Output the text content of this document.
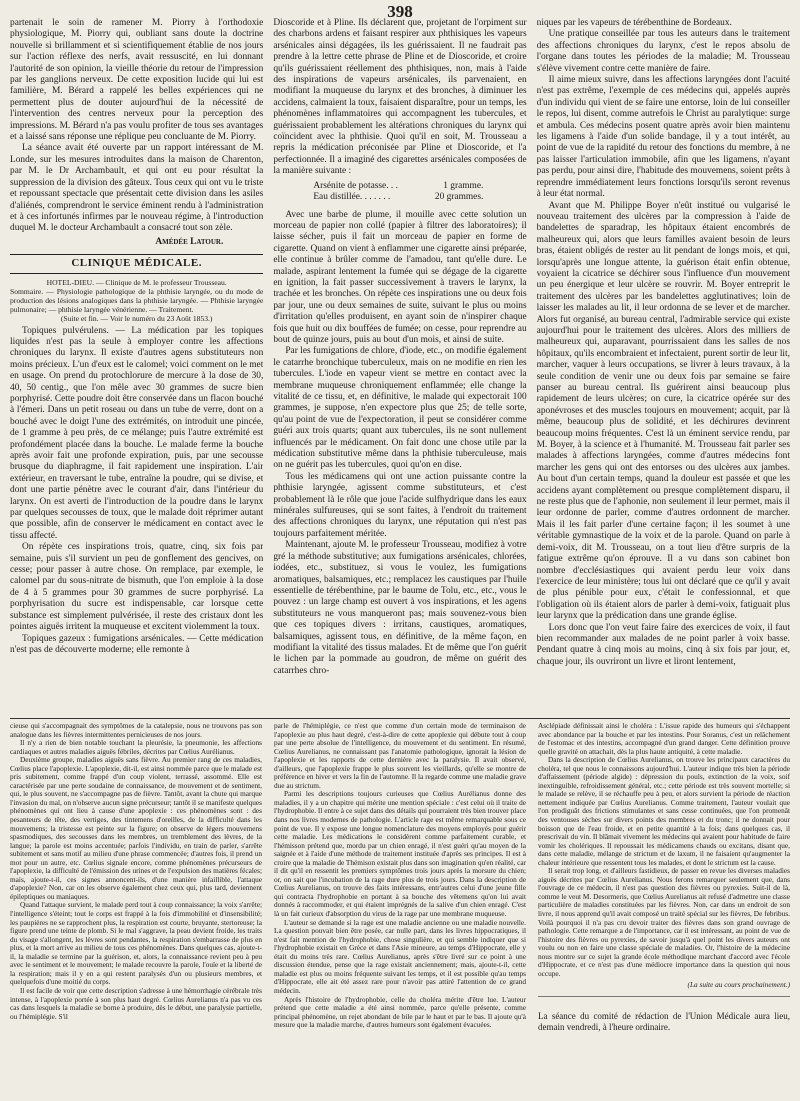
398

partenait le soin de ramener M. Piorry à l'orthodoxie physiologique, M. Piorry qui, oubliant sans doute la doctrine nouvelle si brillamment et si scientifiquement établie de nos jours sur l'action réflexe des nerfs, avait ressuscité, en lui donnant l'autorité de son opinion, la vieille théorie du retour de l'impression par les ganglions nerveux. De cette exposition lucide qui lui est familière, M. Bérard a rappelé les belles expériences qui ne permettent plus de douter aujourd'hui de la nécessité de l'intervention des centres nerveux pour la perception des impressions. M. Bérard n'a pas voulu profiter de tous ses avantages et a laissé sans réponse une réplique peu concluante de M. Piorry.

La séance avait été ouverte par un rapport intéressant de M. Londe, sur les mesures introduites dans la maison de Charenton, par M. le Dr Archambault, et qui ont eu pour résultat la suppression de la division des gâteux. Tous ceux qui ont vu le triste et repoussant spectacle que présentait cette division dans les asiles d'aliénés, comprendront le service éminent rendu à l'administration et à ces infortunés infirmes par le nouveau régime, à l'introduction duquel M. le docteur Archambault a consacré tout son zèle.

Amédée Latour.
CLINIQUE MÉDICALE.

HOTEL-DIEU. — Clinique de M. le professeur Trousseau.

Sommaire. — Physiologie pathologique de la phthisie laryngée, ou du mode de production des lésions analogiques dans la phthisie laryngée. — Phthisie laryngée pulmonaire; — phthisie laryngée vénérienne. — Traitement.

(Suite et fin. — Voir le numéro du 23 Août 1853.)

Topiques pulvérulens. — La médication par les topiques liquides n'est pas la seule à employer contre les affections chroniques du larynx. Il existe d'autres agens substituteurs non moins précieux. L'un d'eux est le calomel; voici comment on le met en usage. On prend du protochlorure de mercure à la dose de 30, 40, 50 centig., que l'on mêle avec 30 grammes de sucre bien porphyrisé. Cette poudre doit être conservée dans un flacon bouché à l'émeri. Dans un petit roseau ou dans un tube de verre, dont on a bouché avec le doigt l'une des extrémités, on introduit une pincée, de 1 gramme à peu près, de ce mélange; puis l'autre extrémité est profondément placée dans la bouche. Le malade ferme la bouche après avoir fait une profonde expiration, puis, par une secousse brusque du diaphragme, il fait rapidement une inspiration. L'air extérieur, en traversant le tube, entraîne la poudre, qui se divise, et dont une partie pénètre avec le courant d'air, dans l'intérieur du larynx. On est averti de l'introduction de la poudre dans le larynx par quelques secousses de toux, que le malade doit réprimer autant que possible, afin de conserver le médicament en contact avec le tissu affecté.

On répète ces inspirations trois, quatre, cinq, six fois par semaine, puis s'il survient un peu de gonflement des gencives, on cesse; pour passer à autre chose. On remplace, par exemple, le calomel par du sous-nitrate de bismuth, que l'on emploie à la dose de 4 à 5 grammes pour 30 grammes de sucre porphyrisé. La porphyrisation du sucre est indispensable, car lorsque cette substance est simplement pulvérisée, il reste des cristaux dont les pointes aiguës irritent la muqueuse et excitent violemment la toux.

Topiques gazeux : fumigations arsénicales. — Cette médication n'est pas de découverte moderne; elle remonte à

Dioscoride et à Pline. Ils déclarent que, projetant de l'orpiment sur des charbons ardens et faisant respirer aux phthisiques les vapeurs arsénicales ainsi dégagées, ils les guérissaient. Il ne faudrait pas prendre à la lettre cette phrase de Pline et de Dioscoride, et croire qu'ils guérissaient réellement des phthisiques, non, mais à l'aide des inspirations de vapeurs arsénicales, ils parvenaient, en modifiant la muqueuse du larynx et des bronches, à diminuer les accidens, calmaient la toux, faisaient disparaître, pour un temps, les phénomènes inflammatoires qui accompagnent les tubercules, et guérissaient probablement les altérations chroniques du larynx qui coïncident avec la phthisie. Quoi qu'il en soit, M. Trousseau a repris la médication préconisée par Pline et Dioscoride, et l'a perfectionnée. Il a imaginé des cigarettes arsénicales composées de la manière suivante :

Arsénite de potasse. . .	1 gramme.
Eau distillée. . . . . . .	20 grammes.

Avec une barbe de plume, il mouille avec cette solution un morceau de papier non collé (papier à filtrer des laboratoires); il laisse sécher, puis il fait un morceau de papier en forme de cigarette. Quand on vient à enflammer une cigarette ainsi préparée, elle continue à brûler comme de l'amadou, tant qu'elle dure. Le malade, aspirant lentement la fumée qui se dégage de la cigarette en ignition, la fait passer successivement à travers le larynx, la trachée et les bronches. On répète ces inspirations une ou deux fois par jour, une ou deux semaines de suite, suivant le plus ou moins d'irritation qu'elles produisent, en ayant soin de n'inspirer chaque fois que huit ou dix bouffées de fumée; on cesse, pour reprendre au bout de quinze jours, puis au bout d'un mois, et ainsi de suite.

Par les fumigations de chlore, d'iode, etc., on modifie également le catarrhe bronchique tuberculeux, mais on ne modifie en rien les tubercules. L'iode en vapeur vient se mettre en contact avec la membrane muqueuse chroniquement enflammée; elle change la vitalité de ce tissu, et, en définitive, le malade qui expectorait 100 grammes, je suppose, n'en expectore plus que 25; de telle sorte, qu'au point de vue de l'expectoration, il peut se considérer comme guéri aux trois quarts; quant aux tubercules, ils ne sont nullement influencés par le médicament. On fait donc une chose utile par la médication substitutive même dans la phthisie tuberculeuse, mais on ne guérit pas les tubercules, quoi qu'on en dise.

Tous les médicamens qui ont une action puissante contre la phthisie laryngée, agissent comme substituteurs, et c'est probablement là le rôle que joue l'acide sulfhydrique dans les eaux minérales sulfureuses, qui se sont faites, à l'endroit du traitement des affections chroniques du larynx, une réputation qui n'est pas toujours parfaitement méritée.

Maintenant, ajoute M. le professeur Trousseau, modifiez à votre gré la méthode substitutive; aux fumigations arsénicales, chlorées, iodées, etc., substituez, si vous le voulez, les fumigations aromatiques, balsamiques, etc.; remplacez les caustiques par l'huile essentielle de térébenthine, par le baume de Tolu, etc., etc., vous le pouvez : un large champ est ouvert à vos inspirations, et les agens substituteurs ne vous manqueront pas; mais souvenez-vous bien que ces topiques divers : irritans, caustiques, aromatiques, balsamiques, agissent tous, en définitive, de la même façon, en modifiant la vitalité des tissus malades. Et de même que l'on guérit le lichen par la pommade au goudron, de même on guérit des catarrhes chro-

niques par les vapeurs de térébenthine de Bordeaux.

Une pratique conseillée par tous les auteurs dans le traitement des affections chroniques du larynx, c'est le repos absolu de l'organe dans toutes les périodes de la maladie; M. Trousseau s'élève vivement contre cette manière de faire.

Il aime mieux suivre, dans les affections laryngées dont l'acuité n'est pas extrême, l'exemple de ces médecins qui, appelés auprès d'un individu qui vient de se faire une entorse, loin de lui conseiller le repos, lui disent, comme autrefois le Christ au paralytique: surge et ambula. Ces médecins posent quatre après avoir bien maintenu les ligamens à l'aide d'un solide bandage, il y a tout intérêt, au point de vue de la rapidité du retour des fonctions du membre, à ne pas laisser l'articulation immobile, afin que les ligamens, n'ayant pas perdu, pour ainsi dire, l'habitude des mouvemens, soient prêts à reprendre immédiatement leurs fonctions lorsqu'ils seront revenus à leur état normal.

Avant que M. Philippe Boyer n'eût institué ou vulgarisé le nouveau traitement des ulcères par la compression à l'aide de bandelettes de sparadrap, les hôpitaux étaient encombrés de malheureux qui, alors que leurs familles avaient besoin de leurs bras, étaient obligés de rester au lit pendant de longs mois, et qui, lorsqu'après une longue attente, la guérison était enfin obtenue, voyaient la cicatrice se déchirer sous l'influence d'un mouvement un peu énergique et leur ulcère se rouvrir. M. Boyer entreprit le traitement des ulcères par les bandelettes agglutinatives; loin de laisser les malades au lit, il leur ordonna de se lever et de marcher. Alors fut organisé, au bureau central, l'admirable service qui existe aujourd'hui pour le traitement des ulcères. Alors des milliers de malheureux qui, auparavant, pourrissaient dans les salles de nos hôpitaux, qu'ils encombraient et infectaient, purent sortir de leur lit, marcher, vaquer à leurs occupations, se livrer à leurs travaux, à la seule condition de venir une ou deux fois par semaine se faire panser au bureau central. Ils guérirent ainsi beaucoup plus rapidement de leurs ulcères; on cure, la cicatrice opérée sur des aponévroses et des muscles toujours en mouvement; acquit, par là même, beaucoup plus de solidité, et les déchirures devinrent beaucoup moins fréquentes. C'est là un éminent service rendu, par M. Boyer, à la science et à l'humanité. M. Trousseau fait parler ses malades à affections laryngées, comme d'autres médecins font marcher les gens qui ont des entorses ou des ulcères aux jambes. Au bout d'un certain temps, quand la douleur est passée et que les accidens ayant complètement ou presque complètement disparu, il ne reste plus que de l'aphonie, non seulement il leur permet, mais il leur ordonne de parler, comme d'autres ordonnent de marcher. Mais il les fait parler d'une certaine façon; il les soumet à une véritable gymnastique de la voix et de la parole. Quand on parle à demi-voix, dit M. Trousseau, on a tout lieu d'être surpris de la fatigue extrême qu'on éprouve. Il a vu dans son cabinet bon nombre d'ecclésiastiques qui avaient perdu leur voix dans l'exercice de leur ministère; tous lui ont déclaré que ce qu'il y avait de plus pénible pour eux, c'était le confessionnal, et que l'obligation où ils étaient alors de parler à demi-voix, fatiguait plus leur larynx que la prédication dans une grande église.

Lors donc que l'on veut faire faire des exercices de voix, il faut bien recommander aux malades de ne point parler à voix basse. Pendant quatre à cinq mois au moins, cinq à six fois par jour, et, chaque jour, ils ouvriront un livre et liront lentement,

cieuse qui s'accompagnait des symptômes de la catalepsie, nous ne trouvons pas son analogue dans les fièvres intermittentes pernicieuses de nos jours.

Il n'y a rien de bien notable touchant la pleurésie, la pneumonie, les affections cardiaques et autres maladies aiguës fébriles, décrites par Cœlius Aurélianus.

Deuxième groupe, maladies aiguës sans fièvre. Au premier rang de ces maladies, Cœlius place l'apoplexie. L'apoplexie, dit-il, est ainsi nommée parce que le malade est pris subitement, comme frappé d'un coup violent, terrassé, assommé. Elle est caractérisée par une perte soudaine de connaissance, de mouvement et de sentiment, qui, le plus souvent, ne s'accompagne pas de fièvre. Tantôt, avant la chute qui marque l'invasion du mal, on n'observe aucun signe précurseur; tantôt il se manifeste quelques phénomènes qui ont lieu à cause d'une apoplexie : ces phénomènes sont : des pesanteurs de tête, des vertiges, des tintemens d'oreilles, de la difficulté dans les mouvemens; la tristesse est peinte sur la figure; on observe de légers mouvemens spasmodiques, des secousses dans les membres, un tremblement des lèvres, de la langue; la parole est moins accentuée; parfois l'individu, en train de parler, s'arrête subitement et sans motif au milieu d'une phrase commencée; d'autres fois, il prend un mot pour un autre, etc. Cœlius signale encore, comme phénomènes précurseurs de l'apoplexie, la difficulté de l'émission des urines et de l'expulsion des matières fécales; mais, ajoute-t-il, ces signes annoncent-ils, d'une manière infaillible, l'attaque d'apoplexie? Non, car on les observe également chez ceux qui, plus tard, deviennent épileptiques ou maniaques.

Quand l'attaque survient, le malade perd tout à coup connaissance; la voix s'arrête; l'intelligence s'éteint; tout le corps est frappé à la fois d'immobilité et d'insensibilité; les paupières ne se rapprochent plus, la respiration est courte, bruyante, stertoreuse; la figure prend une teinte de plomb. Si le mal s'aggrave, la peau devient froide, les traits du visage s'allongent, les lèvres sont pendantes, la respiration s'embarrasse de plus en plus, et la mort arrive au milieu de tous ces phénomènes. Dans quelques cas, ajoute-t-il, la maladie se termine par la guérison, et, alors, la connaissance revient peu à peu avec le sentiment et le mouvement; le malade recouvre la parole, l'ouïe et la liberté de la respiration; mais il y en a qui restent paralysés d'un ou plusieurs membres, et quelquefois d'une moitié du corps.

Il est facile de voir que cette description s'adresse à une hémorrhagie cérébrale très intense, à l'apoplexie portée à son plus haut degré. Cœlius Aurelianus n'a pas vu ces cas dans lesquels la maladie se borne à produire, dès le début, une paralysie partielle, ou l'hémiplégie. S'il

parle de l'hémiplégie, ce n'est que comme d'un certain mode de terminaison de l'apoplexie au plus haut degré, c'est-à-dire de cette apoplexie qui débute tout à coup par une perte absolue de l'intelligence, du mouvement et du sentiment. En résumé, Cœlius Aurelianus, ne connaissant pas l'anatomie pathologique, ignorait la lésion de l'apoplexie et les rapports de cette dernière avec la paralysie. Il avait observé, d'ailleurs, que l'apoplexie frappe le plus souvent les vieillards, qu'elle se montre de préférence en hiver et vers la fin de l'automne. Il la regarde comme une maladie grave due au strictum.

Parmi les descriptions toujours curieuses que Cœlius Aurélianus donne des maladies, il y a un chapitre qui mérite une mention spéciale : c'est celui où il traite de l'hydrophobie. Il entre à ce sujet dans des détails qui pourraient très bien trouver place dans nos livres modernes de pathologie. L'article rage est même remarquable sous ce point de vue. Il y expose une longue nomenclature des moyens employés pour guérir cette maladie. Les médications le considèrent comme parfaitement curable, et l'hémisson prétend que, mordu par un chien enragé, il n'est guéri qu'au moyen de la saignée et à l'aide d'une méthode de traitement instituée d'après ses principes. Il est à croire que la maladie de Thémison existait plus dans son imagination qu'en réalité, car il dit qu'il en ressentit les premiers symptômes trois jours après la morsure du chien; or, on sait que l'incubation de la rage dure plus de trois jours. Dans la description de Cœlius Aurelianus, on trouve des faits intéressans, entr'autres celui d'une jeune fille qui contracta l'hydrophobie en portant à sa bouche des vêtemens qu'on lui avait donnés à raccommoder, et qui étaient imprégnés de la salive d'un chien enragé. C'est là un fait curieux d'absorption du virus de la rage par une membrane muqueuse.

L'auteur se demande si la rage est une maladie ancienne ou une maladie nouvelle. La question pouvait bien être posée, car nulle part, dans les livres hippocratiques, il n'est fait mention de l'hydrophobie, chose singulière, et qui semble indiquer que si l'hydrophobie existait en Grèce et dans l'Asie mineure, au temps d'Hippocrate, elle y était du moins très rare. Cœlius Aurelianus, après s'être livré sur ce point à une discussion étendue, pense que la rage existait anciennement; mais, ajoute-t-il, cette maladie est plus ou moins fréquente suivant les temps, et il est possible qu'au temps d'Hippocrate, elle ait été assez rare pour n'avoir pas attiré l'attention de ce grand médecin.

Après l'histoire de l'hydrophobie, celle du choléra mérite d'être lue. L'auteur prétend que cette maladie a été ainsi nommée, parce qu'elle présente, comme principal phénomène, un rejet abondant de bile par le haut et par le bas. Il ajoute qu'à mesure que la maladie marche, d'autres humeurs sont également évacuées.

Asclépiade définissait ainsi le choléra : L'issue rapide des humeurs qui s'échappent avec abondance par la bouche et par les intestins. Pour Soranus, c'est un relâchement de l'estomac et des intestins, accompagné d'un grand danger. Cette définition prouve quelle gravité on attachait, dès la plus haute antiquité, à cette maladie.

Dans la description de Cœlius Aurelianus, on trouve les principaux caractères du choléra, tel que nous le connaissons aujourd'hui. L'auteur indique très bien la période d'affaissement (période algide) : dépression du pouls, extinction de la voix, soif inextinguible, refroidissement général, etc.; cette période est très souvent mortelle; si le malade se relève, il se réchauffe peu à peu, et alors survient la période de réaction nettement indiquée par Cœlius Aurelianus. Comme traitement, l'auteur voulait que l'on prodiguât des frictions stimulantes et sans cesse continuées, que l'on promenât des ventouses sèches sur divers points des membres et du tronc; il ne donnait pour boisson que de l'eau froide, et en petite quantité à la fois; dans quelques cas, il prescrivait du vin. Il blâmait vivement les médecins qui avaient pour habitude de faire vomir les cholériques. Il repoussait les médicamens chauds ou excitans, disant que, dans cette maladie, mélange de strictum et de laxum, il ne faisaient qu'augmenter la chaleur intérieure que ressentent tous les malades, et dont le strictum est la cause.

Il serait trop long, et d'ailleurs fastidieux, de passer en revue les diverses maladies aiguës décrites par Cœlius Aurelianus. Nous ferons remarquer seulement que, dans l'ouvrage de ce médecin, il n'est pas question des fièvres ou pyrexies. Suit-il de là, comme le veut M. Desormeris, que Cœlius Aurelianus ait refusé d'admettre une classe particulière de maladies constituées par les fièvres. Non, car dans un endroit de son livre, il nous apprend qu'il avait composé un traité spécial sur les fièvres, De febribus. Voilà pourquoi il n'a pas cru devoir traiter des fièvres dans son grand ouvrage de pathologie. Cette remarque a de l'importance, car il est intéressant, au point de vue de l'histoire des fièvres ou pyrexies, de savoir jusqu'à quel point les divers auteurs ont voulu ou non en faire une classe spéciale de maladies. Or, l'histoire de la médecine nous montre sur ce sujet la grande école méthodique marchant d'accord avec l'école d'Hippocrate, et ce n'est pas d'une médiocre importance dans la question qui nous occupe.

(La suite au cours prochainement.)
La séance du comité de rédaction de l'Union Médicale aura lieu, demain vendredi, à l'heure ordinaire.
